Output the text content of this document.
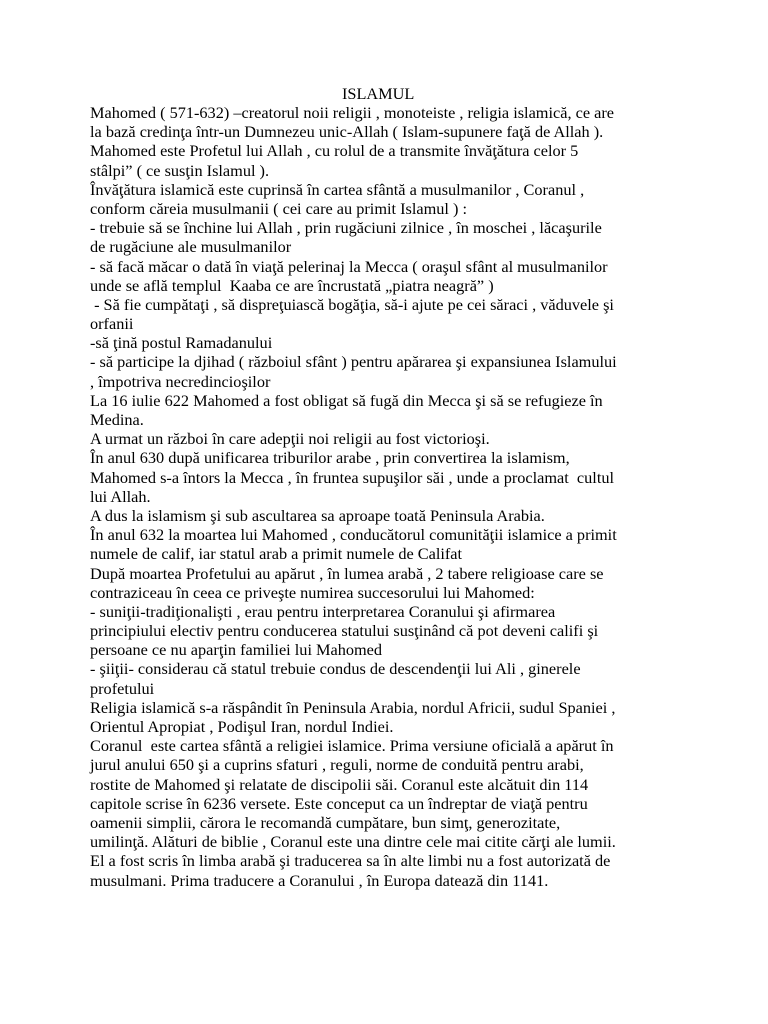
ISLAMUL
Mahomed ( 571-632) –creatorul noii religii , monoteiste , religia islamică, ce are
la bază credinţa într-un Dumnezeu unic-Allah ( Islam-supunere faţă de Allah ).
Mahomed este Profetul lui Allah , cu rolul de a transmite învăţătura celor 5
stâlpi” ( ce susţin Islamul ).
Învăţătura islamică este cuprinsă în cartea sfântă a musulmanilor , Coranul ,
conform căreia musulmanii ( cei care au primit Islamul ) :
- trebuie să se închine lui Allah , prin rugăciuni zilnice , în moschei , lăcaşurile
de rugăciune ale musulmanilor
- să facă măcar o dată în viaţă pelerinaj la Mecca ( oraşul sfânt al musulmanilor
unde se află templul  Kaaba ce are încrustată „piatra neagră” )
- Să fie cumpătaţi , să dispreţuiască bogăţia, să-i ajute pe cei săraci , văduvele şi
orfanii
-să ţină postul Ramadanului
- să participe la djihad ( războiul sfânt ) pentru apărarea şi expansiunea Islamului
, împotriva necredincioşilor
La 16 iulie 622 Mahomed a fost obligat să fugă din Mecca şi să se refugieze în
Medina.
A urmat un război în care adepţii noi religii au fost victorioşi.
În anul 630 după unificarea triburilor arabe , prin convertirea la islamism,
Mahomed s-a întors la Mecca , în fruntea supuşilor săi , unde a proclamat  cultul
lui Allah.
A dus la islamism şi sub ascultarea sa aproape toată Peninsula Arabia.
În anul 632 la moartea lui Mahomed , conducătorul comunităţii islamice a primit
numele de calif, iar statul arab a primit numele de Califat
După moartea Profetului au apărut , în lumea arabă , 2 tabere religioase care se
contraziceau în ceea ce priveşte numirea succesorului lui Mahomed:
- suniţii-tradiţionalişti , erau pentru interpretarea Coranului şi afirmarea
principiului electiv pentru conducerea statului susţinând că pot deveni califi şi
persoane ce nu aparţin familiei lui Mahomed
- şiiţii- considerau că statul trebuie condus de descendenţii lui Ali , ginerele
profetului
Religia islamică s-a răspândit în Peninsula Arabia, nordul Africii, sudul Spaniei ,
Orientul Apropiat , Podişul Iran, nordul Indiei.
Coranul  este cartea sfântă a religiei islamice. Prima versiune oficială a apărut în
jurul anului 650 şi a cuprins sfaturi , reguli, norme de conduită pentru arabi,
rostite de Mahomed şi relatate de discipolii săi. Coranul este alcătuit din 114
capitole scrise în 6236 versete. Este conceput ca un îndreptar de viaţă pentru
oamenii simplii, cărora le recomandă cumpătare, bun simţ, generozitate,
umilinţă. Alături de biblie , Coranul este una dintre cele mai citite cărţi ale lumii.
El a fost scris în limba arabă şi traducerea sa în alte limbi nu a fost autorizată de
musulmani. Prima traducere a Coranului , în Europa datează din 1141.
